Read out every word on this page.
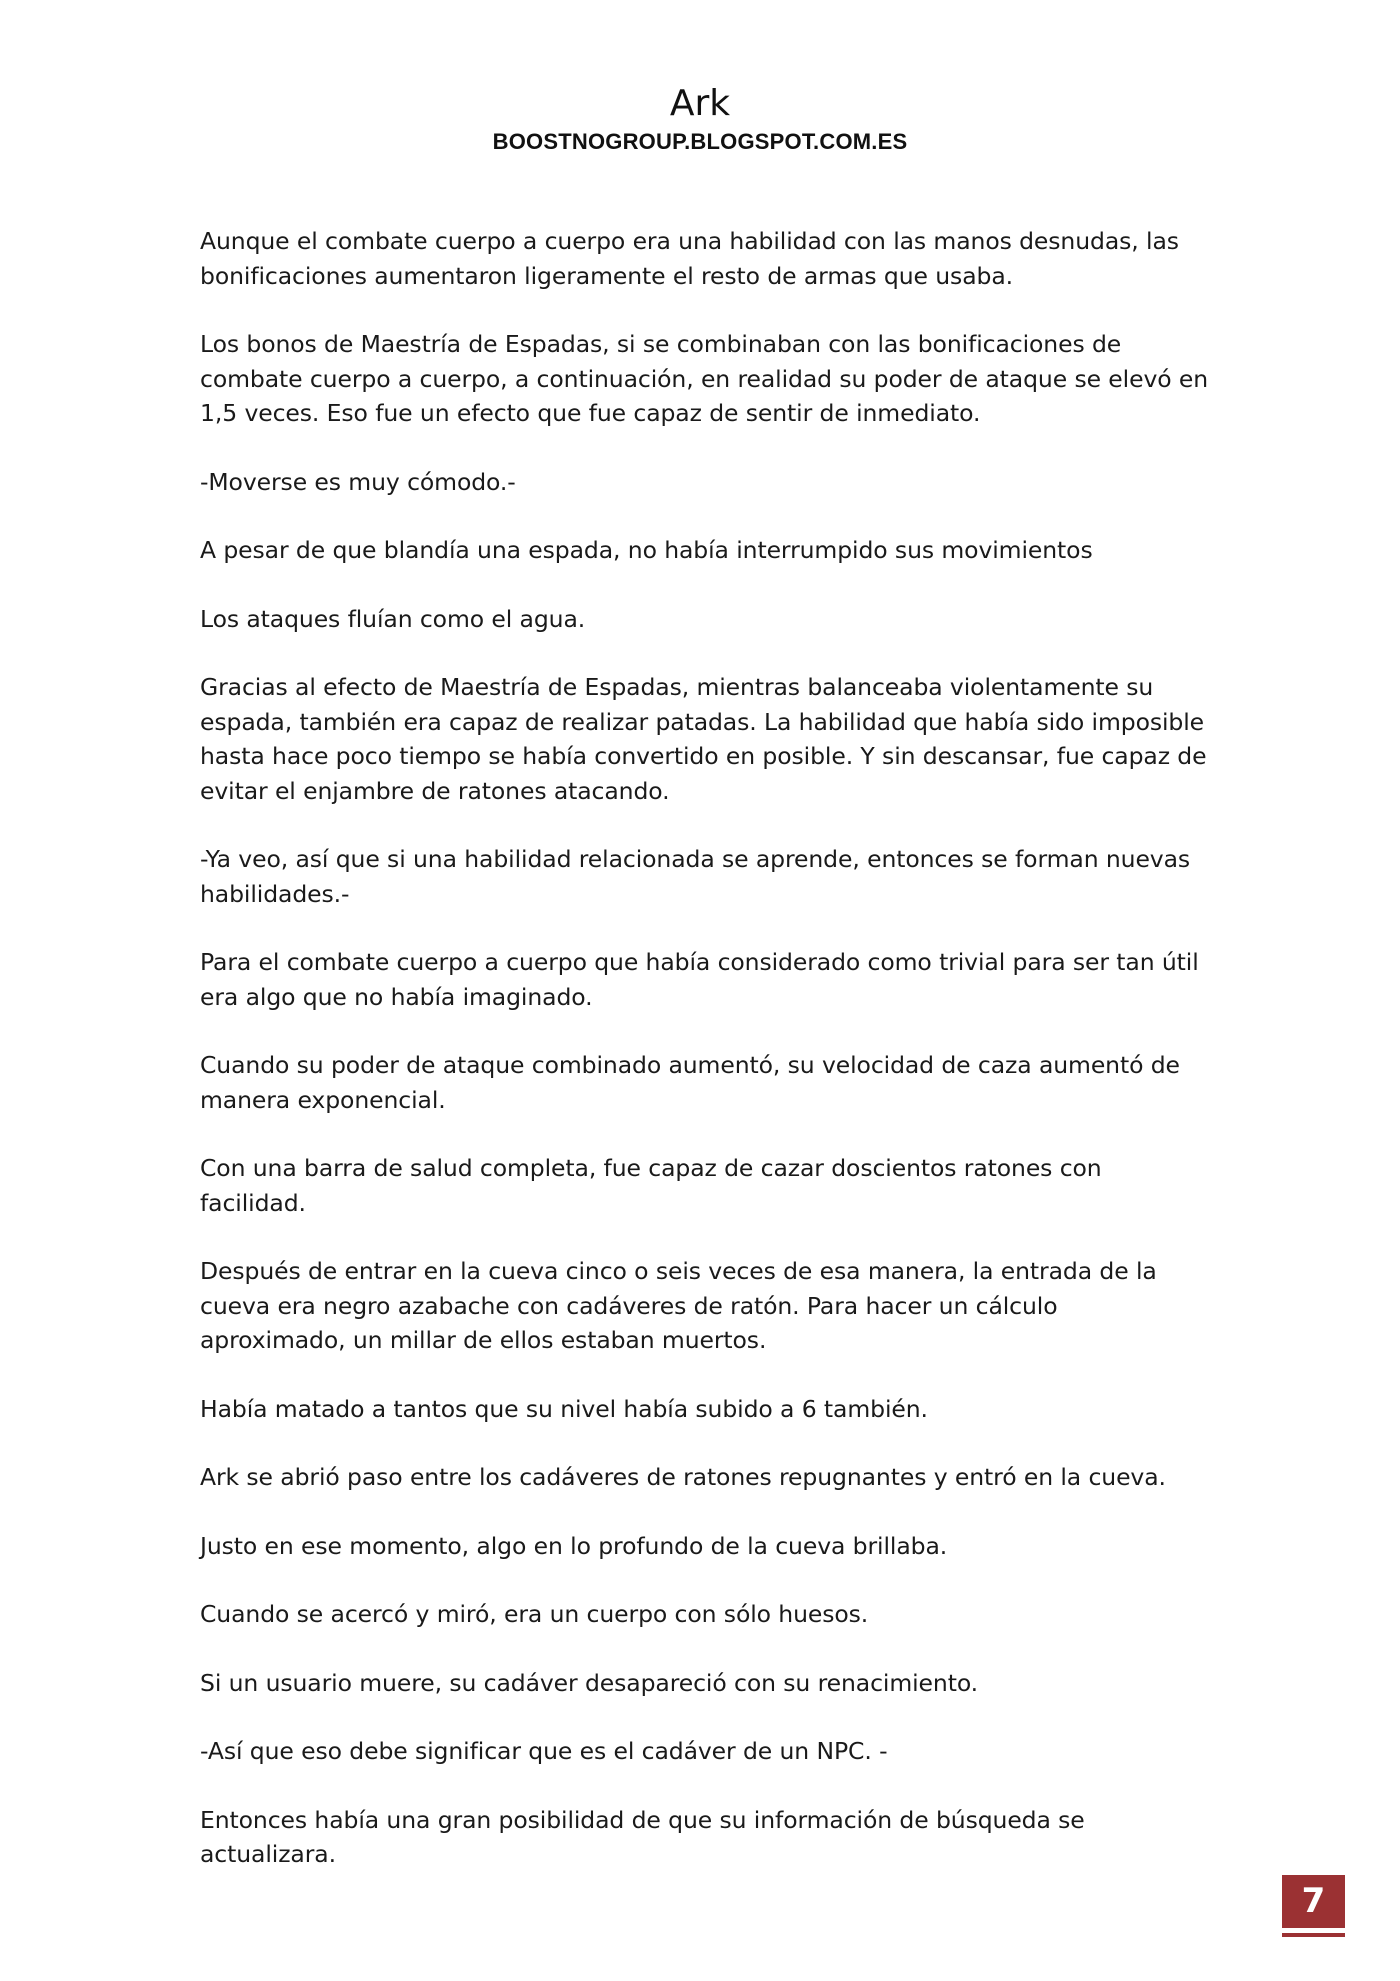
Ark
BOOSTNOGROUP.BLOGSPOT.COM.ES

Aunque el combate cuerpo a cuerpo era una habilidad con las manos desnudas, las bonificaciones aumentaron ligeramente el resto de armas que usaba.

Los bonos de Maestría de Espadas, si se combinaban con las bonificaciones de combate cuerpo a cuerpo, a continuación, en realidad su poder de ataque se elevó en 1,5 veces. Eso fue un efecto que fue capaz de sentir de inmediato.

-Moverse es muy cómodo.-

A pesar de que blandía una espada, no había interrumpido sus movimientos

Los ataques fluían como el agua.

Gracias al efecto de Maestría de Espadas, mientras balanceaba violentamente su espada, también era capaz de realizar patadas. La habilidad que había sido imposible hasta hace poco tiempo se había convertido en posible. Y sin descansar, fue capaz de evitar el enjambre de ratones atacando.

-Ya veo, así que si una habilidad relacionada se aprende, entonces se forman nuevas habilidades.-

Para el combate cuerpo a cuerpo que había considerado como trivial para ser tan útil era algo que no había imaginado.

Cuando su poder de ataque combinado aumentó, su velocidad de caza aumentó de manera exponencial.

Con una barra de salud completa, fue capaz de cazar doscientos ratones con facilidad.

Después de entrar en la cueva cinco o seis veces de esa manera, la entrada de la cueva era negro azabache con cadáveres de ratón. Para hacer un cálculo aproximado, un millar de ellos estaban muertos.

Había matado a tantos que su nivel había subido a 6 también.

Ark se abrió paso entre los cadáveres de ratones repugnantes y entró en la cueva.

Justo en ese momento, algo en lo profundo de la cueva brillaba.

Cuando se acercó y miró, era un cuerpo con sólo huesos.

Si un usuario muere, su cadáver desapareció con su renacimiento.

-Así que eso debe significar que es el cadáver de un NPC. -

Entonces había una gran posibilidad de que su información de búsqueda se actualizara.

7
